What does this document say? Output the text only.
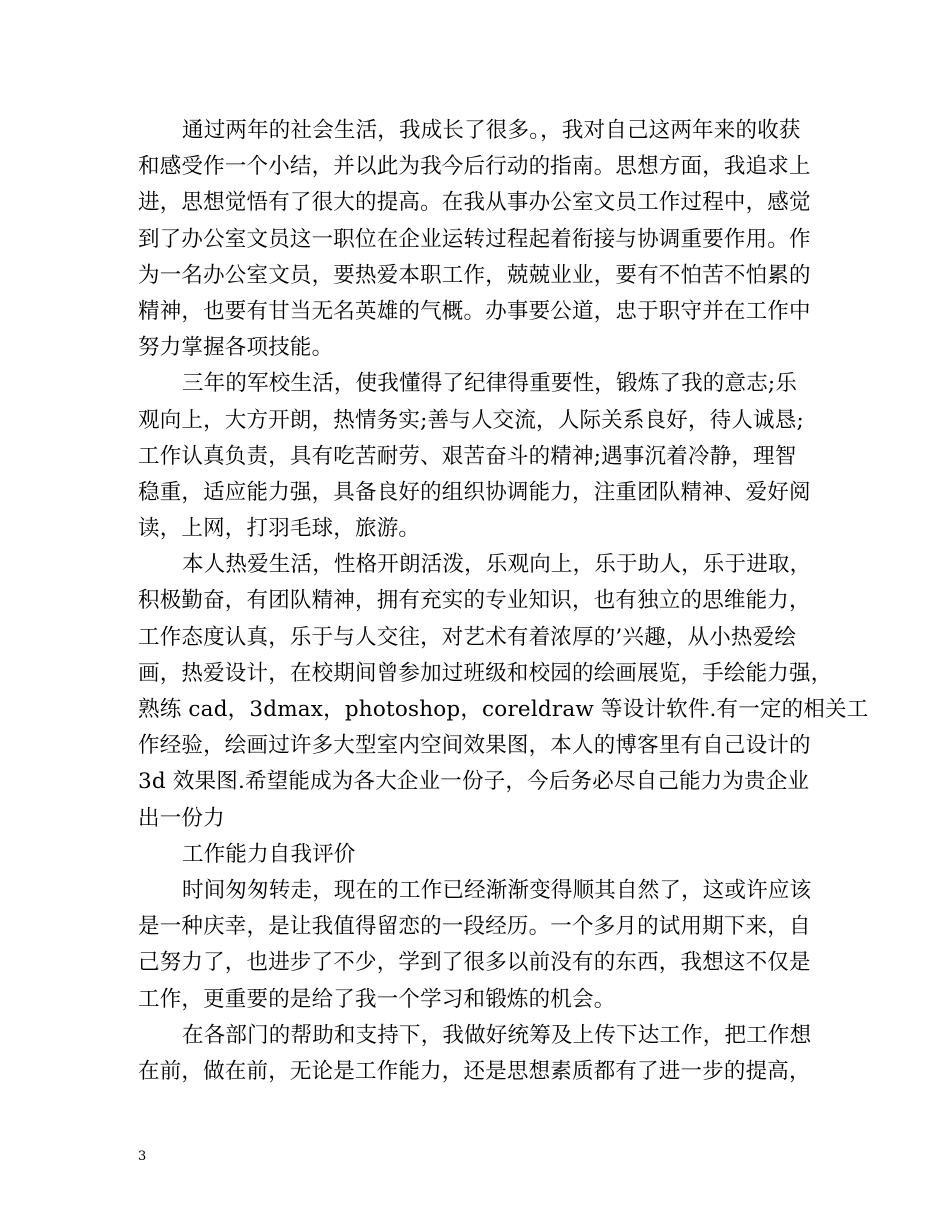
通过两年的社会生活，我成长了很多。，我对自己这两年来的收获
和感受作一个小结，并以此为我今后行动的指南。思想方面，我追求上
进，思想觉悟有了很大的提高。在我从事办公室文员工作过程中，感觉
到了办公室文员这一职位在企业运转过程起着衔接与协调重要作用。作
为一名办公室文员，要热爱本职工作，兢兢业业，要有不怕苦不怕累的
精神，也要有甘当无名英雄的气概。办事要公道，忠于职守并在工作中
努力掌握各项技能。

三年的军校生活，使我懂得了纪律得重要性，锻炼了我的意志;乐
观向上，大方开朗，热情务实;善与人交流，人际关系良好，待人诚恳;
工作认真负责，具有吃苦耐劳、艰苦奋斗的精神;遇事沉着冷静，理智
稳重，适应能力强，具备良好的组织协调能力，注重团队精神、爱好阅
读，上网，打羽毛球，旅游。

本人热爱生活，性格开朗活泼，乐观向上，乐于助人，乐于进取，
积极勤奋，有团队精神，拥有充实的专业知识，也有独立的思维能力，
工作态度认真，乐于与人交往，对艺术有着浓厚的’兴趣，从小热爱绘
画，热爱设计，在校期间曾参加过班级和校园的绘画展览，手绘能力强，
熟练 cad，3dmax，photoshop，coreldraw 等设计软件.有一定的相关工
作经验，绘画过许多大型室内空间效果图，本人的博客里有自己设计的
3d 效果图.希望能成为各大企业一份子，今后务必尽自己能力为贵企业
出一份力

工作能力自我评价

时间匆匆转走，现在的工作已经渐渐变得顺其自然了，这或许应该
是一种庆幸，是让我值得留恋的一段经历。一个多月的试用期下来，自
己努力了，也进步了不少，学到了很多以前没有的东西，我想这不仅是
工作，更重要的是给了我一个学习和锻炼的机会。

在各部门的帮助和支持下，我做好统筹及上传下达工作，把工作想
在前，做在前，无论是工作能力，还是思想素质都有了进一步的提高，

3
